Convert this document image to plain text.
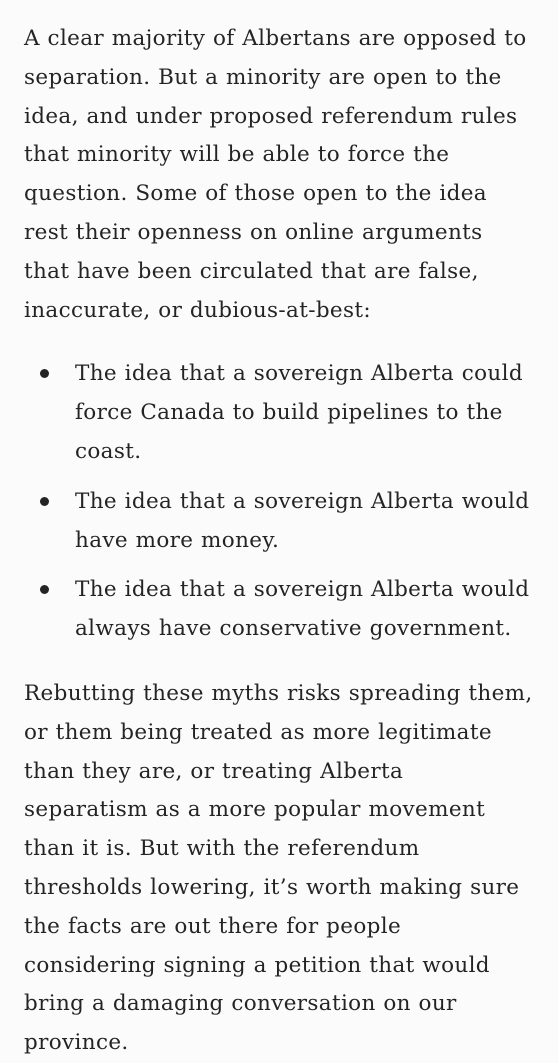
A clear majority of Albertans are opposed to separation. But a minority are open to the idea, and under proposed referendum rules that minority will be able to force the question. Some of those open to the idea rest their openness on online arguments that have been circulated that are false, inaccurate, or dubious-at-best:

The idea that a sovereign Alberta could force Canada to build pipelines to the coast.
The idea that a sovereign Alberta would have more money.
The idea that a sovereign Alberta would always have conservative government.

Rebutting these myths risks spreading them, or them being treated as more legitimate than they are, or treating Alberta separatism as a more popular movement than it is. But with the referendum thresholds lowering, it’s worth making sure the facts are out there for people considering signing a petition that would bring a damaging conversation on our province.
